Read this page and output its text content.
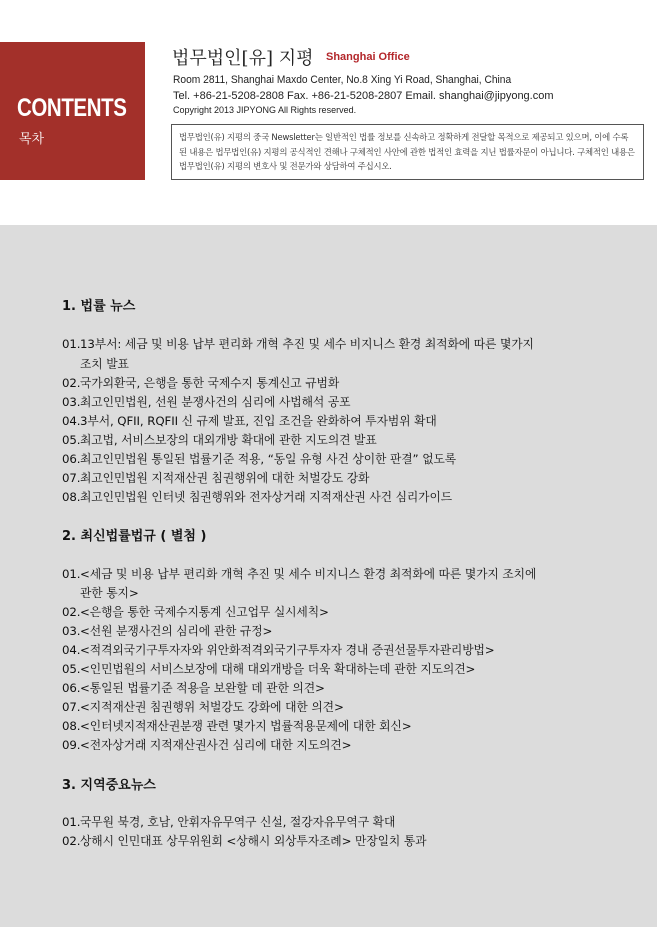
CONTENTS
목차
법무법인[유] 지평 Shanghai Office
Room 2811, Shanghai Maxdo Center, No.8 Xing Yi Road, Shanghai, China
Tel. +86-21-5208-2808 Fax. +86-21-5208-2807 Email. shanghai@jipyong.com
Copyright 2013 JIPYONG All Rights reserved.
법무법인(유) 지평의 중국 Newsletter는 일반적인 법률 정보를 신속하고 정확하게 전달할 목적으로 제공되고 있으며, 이에 수록된 내용은 법무법인(유) 지평의 공식적인 견해나 구체적인 사안에 관한 법적인 효력을 지닌 법률자문이 아닙니다. 구체적인 내용은 법무법인(유) 지평의 변호사 및 전문가와 상담하여 주십시오.
1. 법률 뉴스
01.13부서: 세금 및 비용 납부 편리화 개혁 추진 및 세수 비지니스 환경 최적화에 따른 몇가지
조치 발표
02.국가외환국, 은행을 통한 국제수지 통계신고 규범화
03.최고인민법원, 선원 분쟁사건의 심리에 사법해석 공포
04.3부서, QFII, RQFII 신 규제 발표, 진입 조건을 완화하여 투자범위 확대
05.최고법, 서비스보장의 대외개방 확대에 관한 지도의견 발표
06.최고인민법원 통일된 법률기준 적용, “동일 유형 사건 상이한 판결” 없도록
07.최고인민법원 지적재산권 침권행위에 대한 처벌강도 강화
08.최고인민법원 인터넷 침권행위와 전자상거래 지적재산권 사건 심리가이드
2. 최신법률법규 ( 별첨 )
01.<세금 및 비용 납부 편리화 개혁 추진 및 세수 비지니스 환경 최적화에 따른 몇가지 조치에
관한 통지>
02.<은행을 통한 국제수지통계 신고업무 실시세칙>
03.<선원 분쟁사건의 심리에 관한 규정>
04.<적격외국기구투자자와 위안화적격외국기구투자자 경내 증권선물투자관리방법>
05.<인민법원의 서비스보장에 대해 대외개방을 더욱 확대하는데 관한 지도의견>
06.<통일된 법률기준 적용을 보완할 데 관한 의견>
07.<지적재산권 침권행위 처벌강도 강화에 대한 의견>
08.<인터넷지적재산권분쟁 관련 몇가지 법률적용문제에 대한 회신>
09.<전자상거래 지적재산권사건 심리에 대한 지도의견>
3. 지역중요뉴스
01.국무원 북경, 호남, 안휘자유무역구 신설, 절강자유무역구 확대
02.상해시 인민대표 상무위원회 <상해시 외상투자조례> 만장일치 통과
